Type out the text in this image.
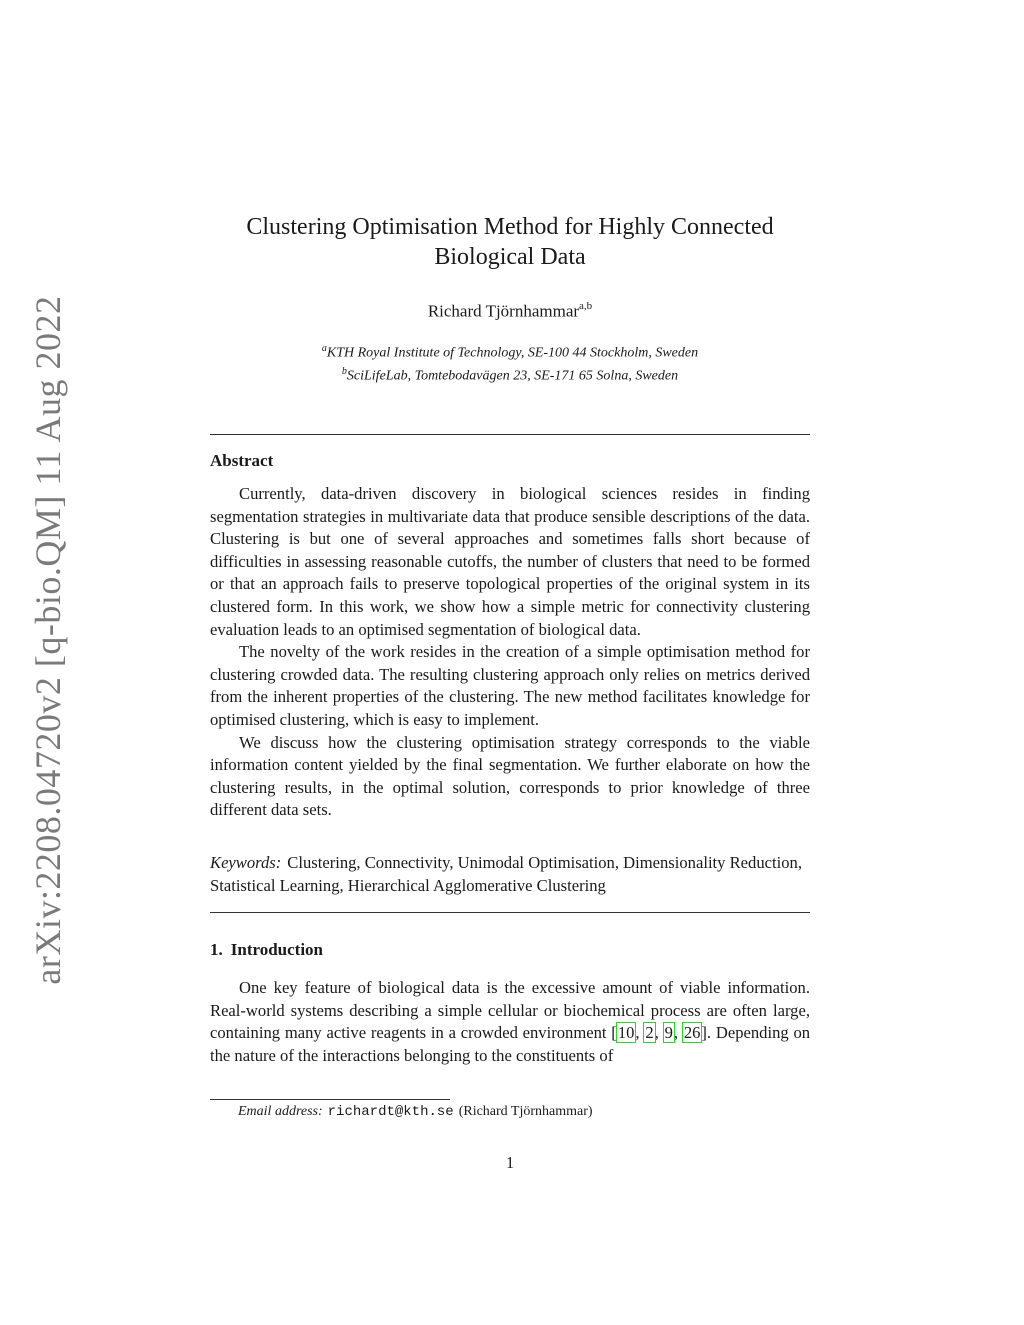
arXiv:2208.04720v2 [q-bio.QM] 11 Aug 2022
Clustering Optimisation Method for Highly Connected
Biological Data
Richard Tjörnhammar$^{a,b}$
$^a$KTH Royal Institute of Technology, SE-100 44 Stockholm, Sweden
$^b$SciLifeLab, Tomtebodavägen 23, SE-171 65 Solna, Sweden
Abstract

Currently, data-driven discovery in biological sciences resides in finding segmentation strategies in multivariate data that produce sensible descriptions of the data. Clustering is but one of several approaches and sometimes falls short because of difficulties in assessing reasonable cutoffs, the number of clusters that need to be formed or that an approach fails to preserve topological properties of the original system in its clustered form. In this work, we show how a simple metric for connectivity clustering evaluation leads to an optimised segmentation of biological data.

The novelty of the work resides in the creation of a simple optimisation method for clustering crowded data. The resulting clustering approach only relies on metrics derived from the inherent properties of the clustering. The new method facilitates knowledge for optimised clustering, which is easy to implement.

We discuss how the clustering optimisation strategy corresponds to the viable information content yielded by the final segmentation. We further elaborate on how the clustering results, in the optimal solution, corresponds to prior knowledge of three different data sets.

Keywords: Clustering, Connectivity, Unimodal Optimisation, Dimensionality Reduction, Statistical Learning, Hierarchical Agglomerative Clustering
1. Introduction

One key feature of biological data is the excessive amount of viable information. Real-world systems describing a simple cellular or biochemical process are often large, containing many active reagents in a crowded environment [10, 2, 9, 26]. Depending on the nature of the interactions belonging to the constituents of

Email address: richardt@kth.se (Richard Tjörnhammar)
1
